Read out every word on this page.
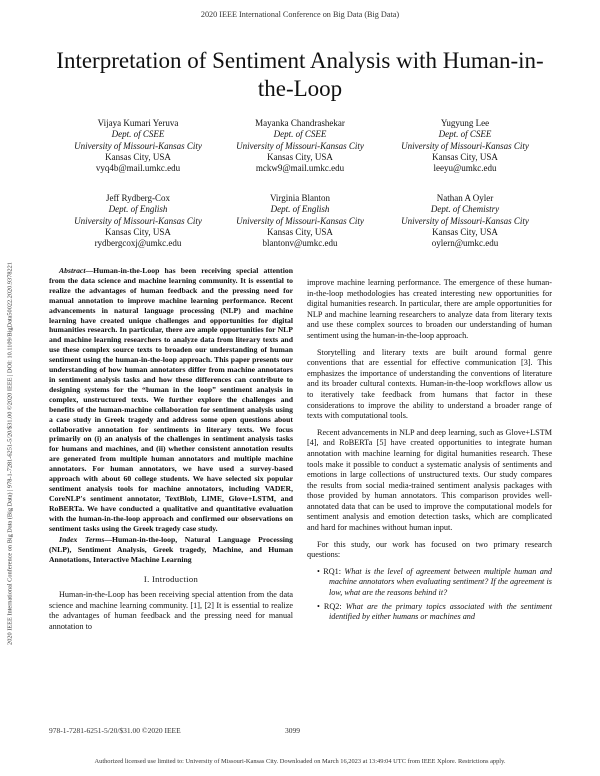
2020 IEEE International Conference on Big Data (Big Data)
Interpretation of Sentiment Analysis with Human-in-the-Loop
2020 IEEE International Conference on Big Data (Big Data) | 978-1-7281-6251-5/20/$31.00 ©2020 IEEE | DOI: 10.1109/BigData50022.2020.9378221
Vijaya Kumari Yeruva
Dept. of CSEE
University of Missouri-Kansas City
Kansas City, USA
vyq4b@mail.umkc.edu
Mayanka Chandrashekar
Dept. of CSEE
University of Missouri-Kansas City
Kansas City, USA
mckw9@mail.umkc.edu
Yugyung Lee
Dept. of CSEE
University of Missouri-Kansas City
Kansas City, USA
leeyu@umkc.edu
Jeff Rydberg-Cox
Dept. of English
University of Missouri-Kansas City
Kansas City, USA
rydbergcoxj@umkc.edu
Virginia Blanton
Dept. of English
University of Missouri-Kansas City
Kansas City, USA
blantonv@umkc.edu
Nathan A Oyler
Dept. of Chemistry
University of Missouri-Kansas City
Kansas City, USA
oylern@umkc.edu

Abstract—Human-in-the-Loop has been receiving special attention from the data science and machine learning community. It is essential to realize the advantages of human feedback and the pressing need for manual annotation to improve machine learning performance. Recent advancements in natural language processing (NLP) and machine learning have created unique challenges and opportunities for digital humanities research. In particular, there are ample opportunities for NLP and machine learning researchers to analyze data from literary texts and use these complex source texts to broaden our understanding of human sentiment using the human-in-the-loop approach. This paper presents our understanding of how human annotators differ from machine annotators in sentiment analysis tasks and how these differences can contribute to designing systems for the “human in the loop” sentiment analysis in complex, unstructured texts. We further explore the challenges and benefits of the human-machine collaboration for sentiment analysis using a case study in Greek tragedy and address some open questions about collaborative annotation for sentiments in literary texts. We focus primarily on (i) an analysis of the challenges in sentiment analysis tasks for humans and machines, and (ii) whether consistent annotation results are generated from multiple human annotators and multiple machine annotators. For human annotators, we have used a survey-based approach with about 60 college students. We have selected six popular sentiment analysis tools for machine annotators, including VADER, CoreNLP's sentiment annotator, TextBlob, LIME, Glove+LSTM, and RoBERTa. We have conducted a qualitative and quantitative evaluation with the human-in-the-loop approach and confirmed our observations on sentiment tasks using the Greek tragedy case study.

Index Terms—Human-in-the-loop, Natural Language Processing (NLP), Sentiment Analysis, Greek tragedy, Machine, and Human Annotations, Interactive Machine Learning

I. Introduction

Human-in-the-Loop has been receiving special attention from the data science and machine learning community. [1], [2] It is essential to realize the advantages of human feedback and the pressing need for manual annotation to

improve machine learning performance. The emergence of these human-in-the-loop methodologies has created interesting new opportunities for digital humanities research. In particular, there are ample opportunities for NLP and machine learning researchers to analyze data from literary texts and use these complex sources to broaden our understanding of human sentiment using the human-in-the-loop approach.

Storytelling and literary texts are built around formal genre conventions that are essential for effective communication [3]. This emphasizes the importance of understanding the conventions of literature and its broader cultural contexts. Human-in-the-loop workflows allow us to iteratively take feedback from humans that factor in these considerations to improve the ability to understand a broader range of texts with computational tools.

Recent advancements in NLP and deep learning, such as Glove+LSTM [4], and RoBERTa [5] have created opportunities to integrate human annotation with machine learning for digital humanities research. These tools make it possible to conduct a systematic analysis of sentiments and emotions in large collections of unstructured texts. Our study compares the results from social media-trained sentiment analysis packages with those provided by human annotators. This comparison provides well-annotated data that can be used to improve the computational models for sentiment analysis and emotion detection tasks, which are complicated and hard for machines without human input.

For this study, our work has focused on two primary research questions:

• RQ1: What is the level of agreement between multiple human and machine annotators when evaluating sentiment? If the agreement is low, what are the reasons behind it?
• RQ2: What are the primary topics associated with the sentiment identified by either humans or machines and
978-1-7281-6251-5/20/$31.00 ©2020 IEEE	3099
Authorized licensed use limited to: University of Missouri-Kansas City. Downloaded on March 16,2023 at 13:49:04 UTC from IEEE Xplore. Restrictions apply.
